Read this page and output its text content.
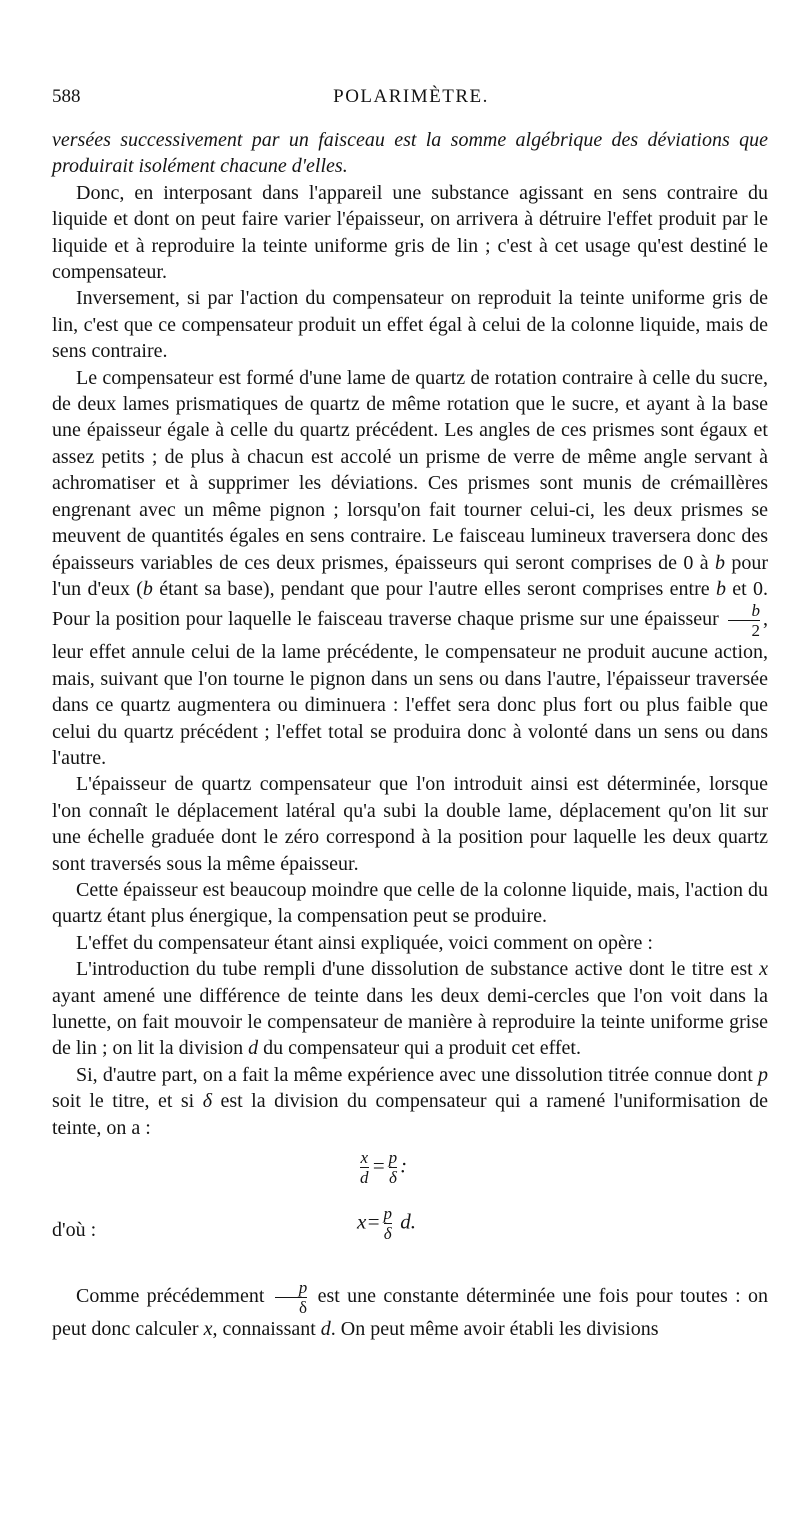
588	POLARIMÈTRE.

versées successivement par un faisceau est la somme algébrique des déviations que produirait isolément chacune d'elles.

Donc, en interposant dans l'appareil une substance agissant en sens contraire du liquide et dont on peut faire varier l'épaisseur, on arrivera à détruire l'effet produit par le liquide et à reproduire la teinte uniforme gris de lin ; c'est à cet usage qu'est destiné le compensateur.

Inversement, si par l'action du compensateur on reproduit la teinte uniforme gris de lin, c'est que ce compensateur produit un effet égal à celui de la colonne liquide, mais de sens contraire.

Le compensateur est formé d'une lame de quartz de rotation contraire à celle du sucre, de deux lames prismatiques de quartz de même rotation que le sucre, et ayant à la base une épaisseur égale à celle du quartz précédent. Les angles de ces prismes sont égaux et assez petits ; de plus à chacun est accolé un prisme de verre de même angle servant à achromatiser et à supprimer les déviations. Ces prismes sont munis de crémaillères engrenant avec un même pignon ; lorsqu'on fait tourner celui-ci, les deux prismes se meuvent de quantités égales en sens contraire. Le faisceau lumineux traversera donc des épaisseurs variables de ces deux prismes, épaisseurs qui seront comprises de 0 à b pour l'un d'eux (b étant sa base), pendant que pour l'autre elles seront comprises entre b et 0. Pour la position pour laquelle le faisceau traverse chaque prisme sur une épaisseur $\frac{b}{2}$ , leur effet annule celui de la lame précédente, le compensateur ne produit aucune action, mais, suivant que l'on tourne le pignon dans un sens ou dans l'autre, l'épaisseur traversée dans ce quartz augmentera ou diminuera : l'effet sera donc plus fort ou plus faible que celui du quartz précédent ; l'effet total se produira donc à volonté dans un sens ou dans l'autre.

L'épaisseur de quartz compensateur que l'on introduit ainsi est déterminée, lorsque l'on connaît le déplacement latéral qu'a subi la double lame, déplacement qu'on lit sur une échelle graduée dont le zéro correspond à la position pour laquelle les deux quartz sont traversés sous la même épaisseur.

Cette épaisseur est beaucoup moindre que celle de la colonne liquide, mais, l'action du quartz étant plus énergique, la compensation peut se produire.

L'effet du compensateur étant ainsi expliquée, voici comment on opère :

L'introduction du tube rempli d'une dissolution de substance active dont le titre est x ayant amené une différence de teinte dans les deux demi-cercles que l'on voit dans la lunette, on fait mouvoir le compensateur de manière à reproduire la teinte uniforme grise de lin ; on lit la division d du compensateur qui a produit cet effet.

Si, d'autre part, on a fait la même expérience avec une dissolution titrée connue dont p soit le titre, et si δ est la division du compensateur qui a ramené l'uniformisation de teinte, on a :

$\frac{x}{d} = \frac{p}{\delta}$ :
d'où :	$x= \frac{p}{\delta} d$.

Comme précédemment $\frac{p}{\delta}$ est une constante déterminée une fois pour toutes : on peut donc calculer x, connaissant d. On peut même avoir établi les divisions
